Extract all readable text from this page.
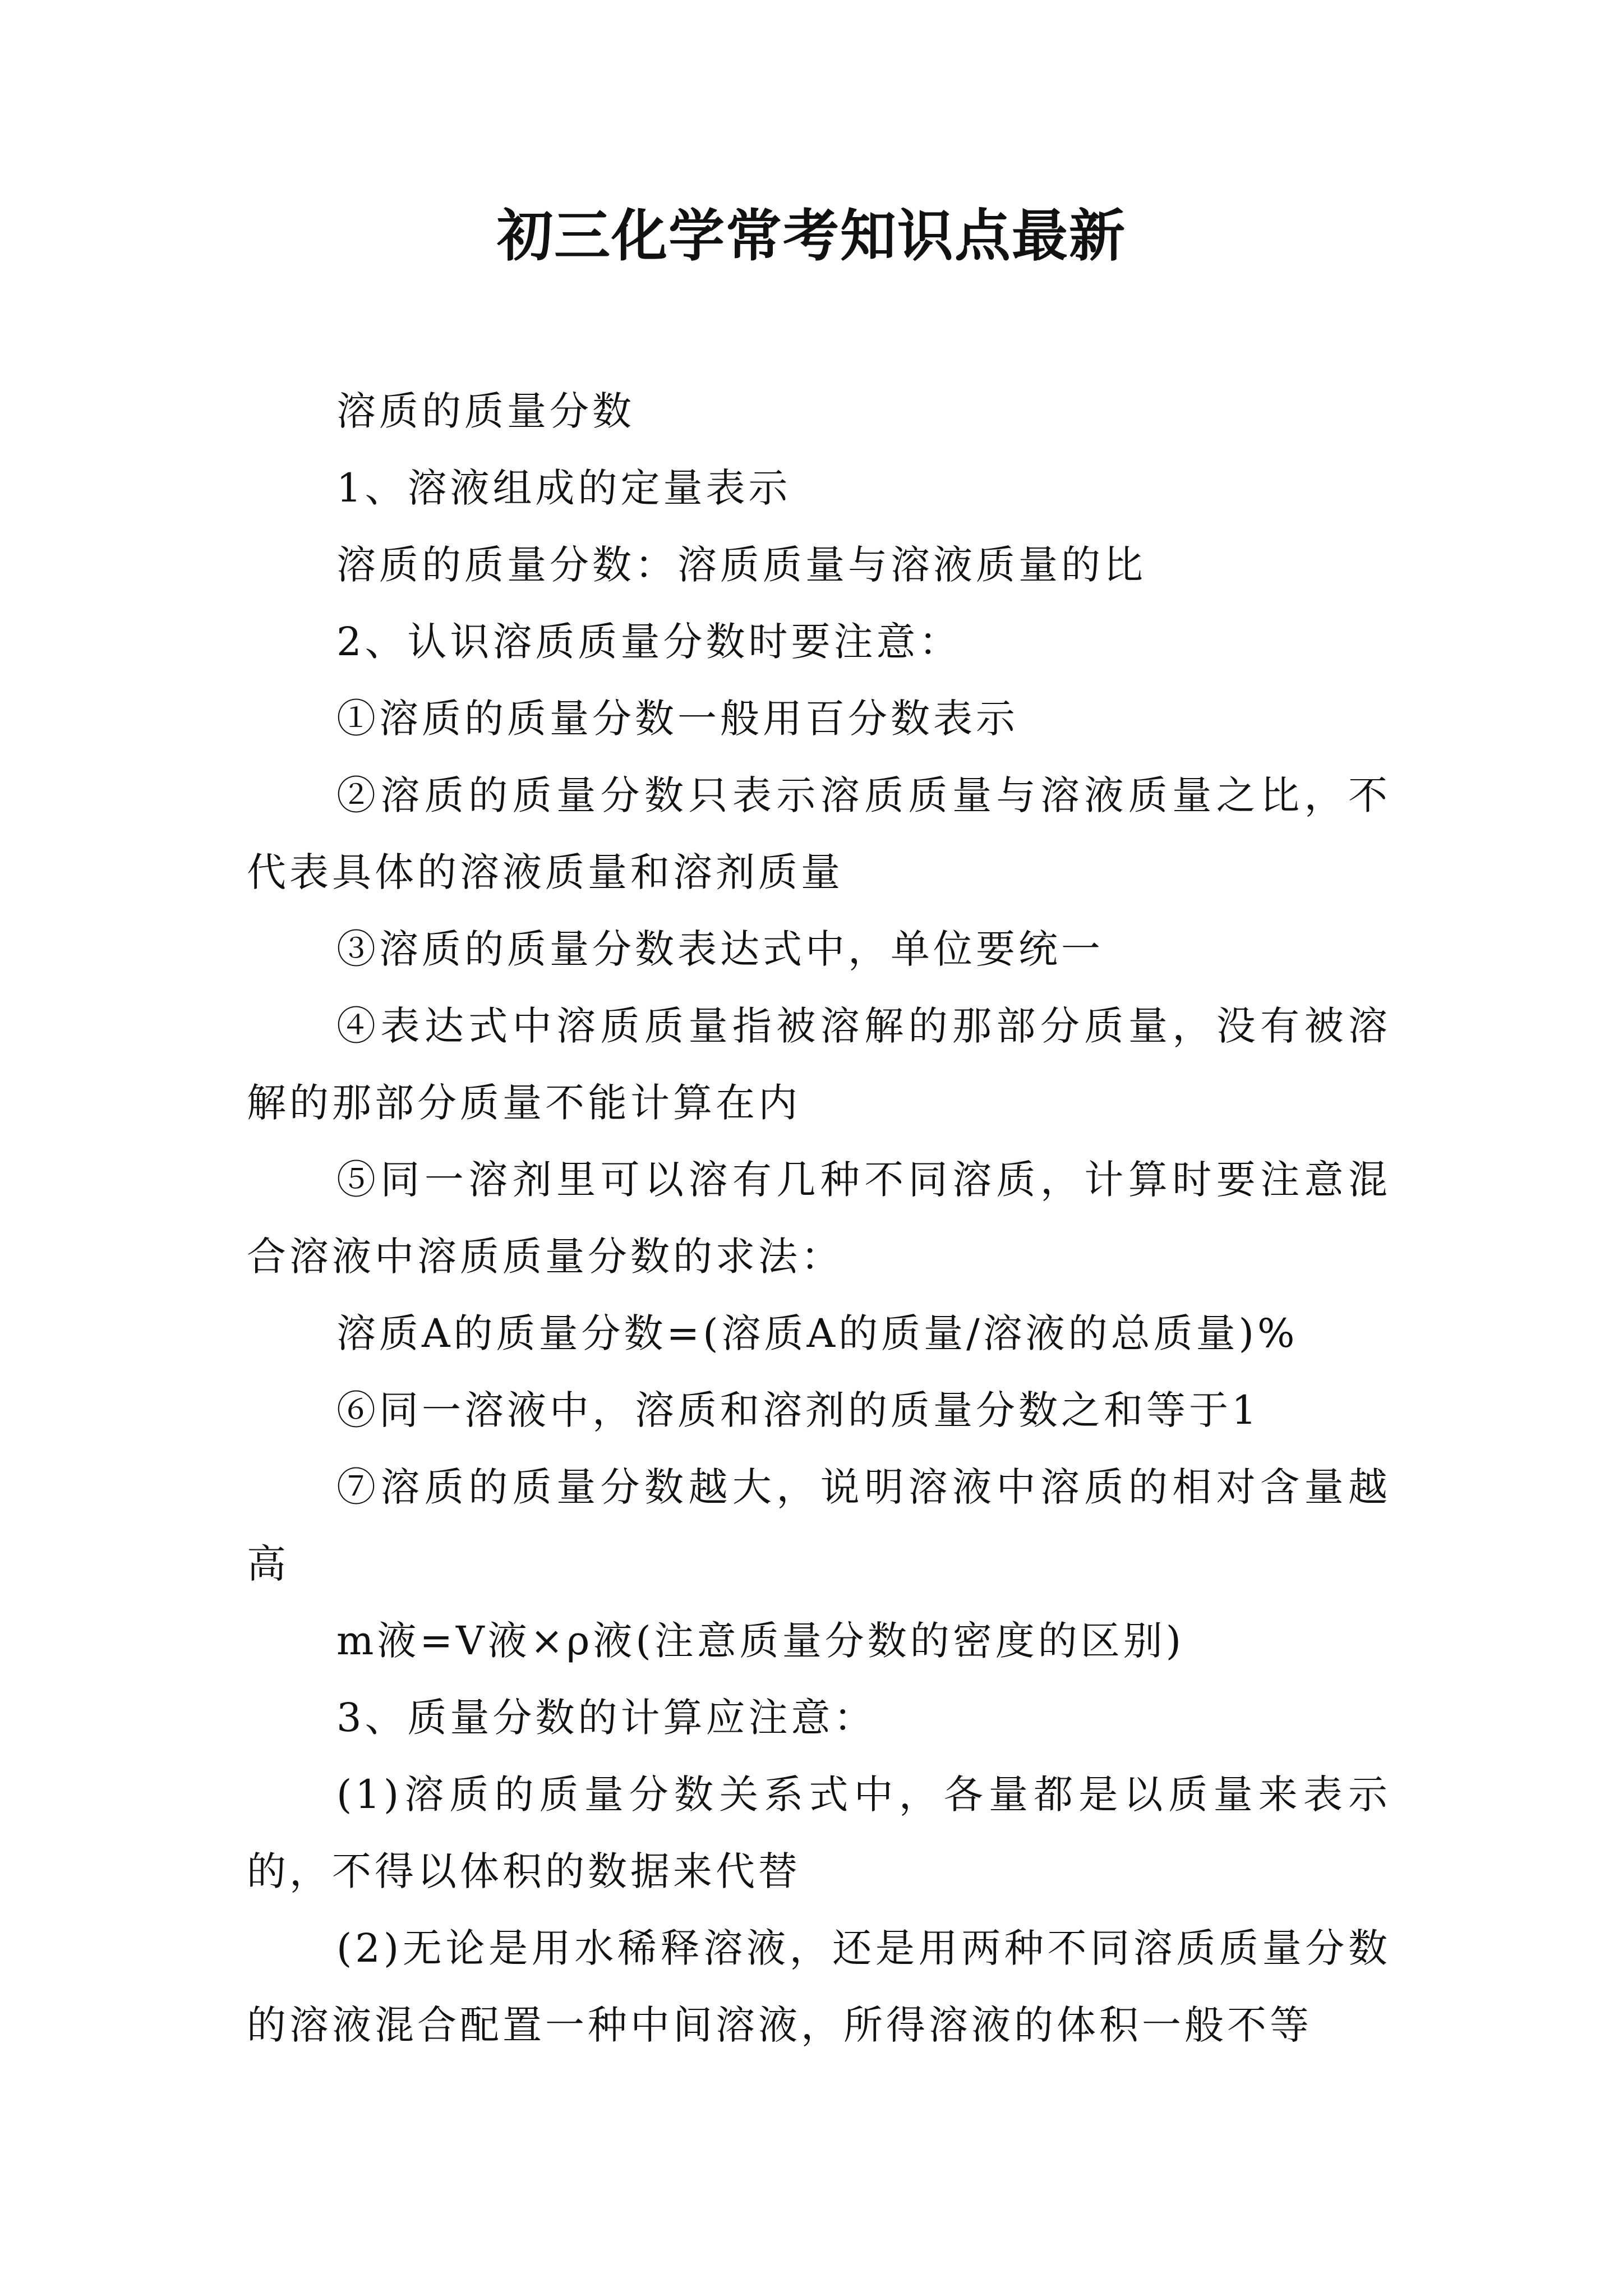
初三化学常考知识点最新

溶质的质量分数

1、溶液组成的定量表示

溶质的质量分数：溶质质量与溶液质量的比

2、认识溶质质量分数时要注意：

①溶质的质量分数一般用百分数表示

②溶质的质量分数只表示溶质质量与溶液质量之比，不代表具体的溶液质量和溶剂质量

③溶质的质量分数表达式中，单位要统一

④表达式中溶质质量指被溶解的那部分质量，没有被溶解的那部分质量不能计算在内

⑤同一溶剂里可以溶有几种不同溶质，计算时要注意混合溶液中溶质质量分数的求法：

溶质A的质量分数=(溶质A的质量/溶液的总质量)%

⑥同一溶液中，溶质和溶剂的质量分数之和等于1

⑦溶质的质量分数越大，说明溶液中溶质的相对含量越高

m液=V液×ρ液(注意质量分数的密度的区别)

3、质量分数的计算应注意：

(1)溶质的质量分数关系式中，各量都是以质量来表示的，不得以体积的数据来代替

(2)无论是用水稀释溶液，还是用两种不同溶质质量分数的溶液混合配置一种中间溶液，所得溶液的体积一般不等
